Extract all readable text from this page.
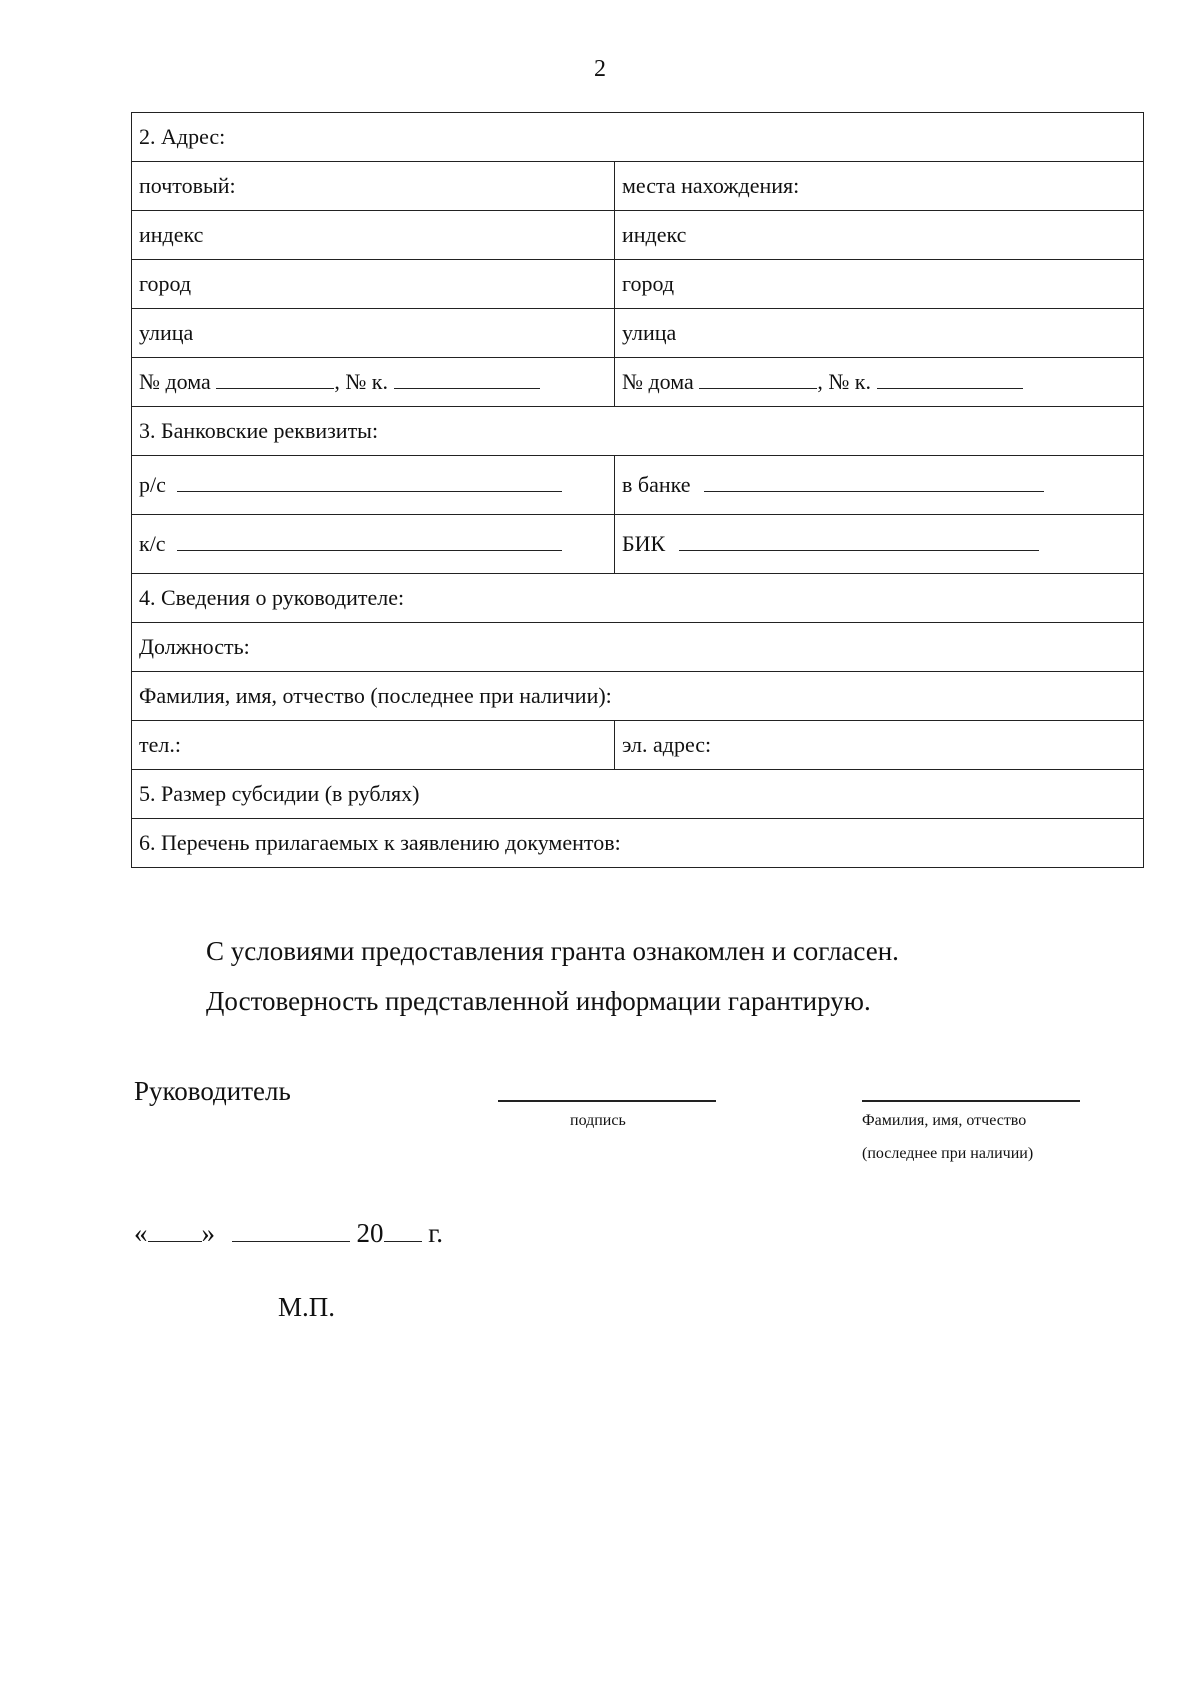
2
2. Адрес:	
почтовый:	места нахождения:
индекс	индекс
город	город
улица	улица
№ дома , № к.	№ дома , № к.
3. Банковские реквизиты:	
р/с	в банке
к/с	БИК
4. Сведения о руководителе:	
Должность:	
Фамилия, имя, отчество (последнее при наличии):	
тел.:	эл. адрес:
5. Размер субсидии (в рублях)	
6. Перечень прилагаемых к заявлению документов:	
С условиями предоставления гранта ознакомлен и согласен.
Достоверность представленной информации гарантирую.
Руководитель
подпись	Фамилия, имя, отчество
(последнее при наличии)
« »	20 г.
М.П.
